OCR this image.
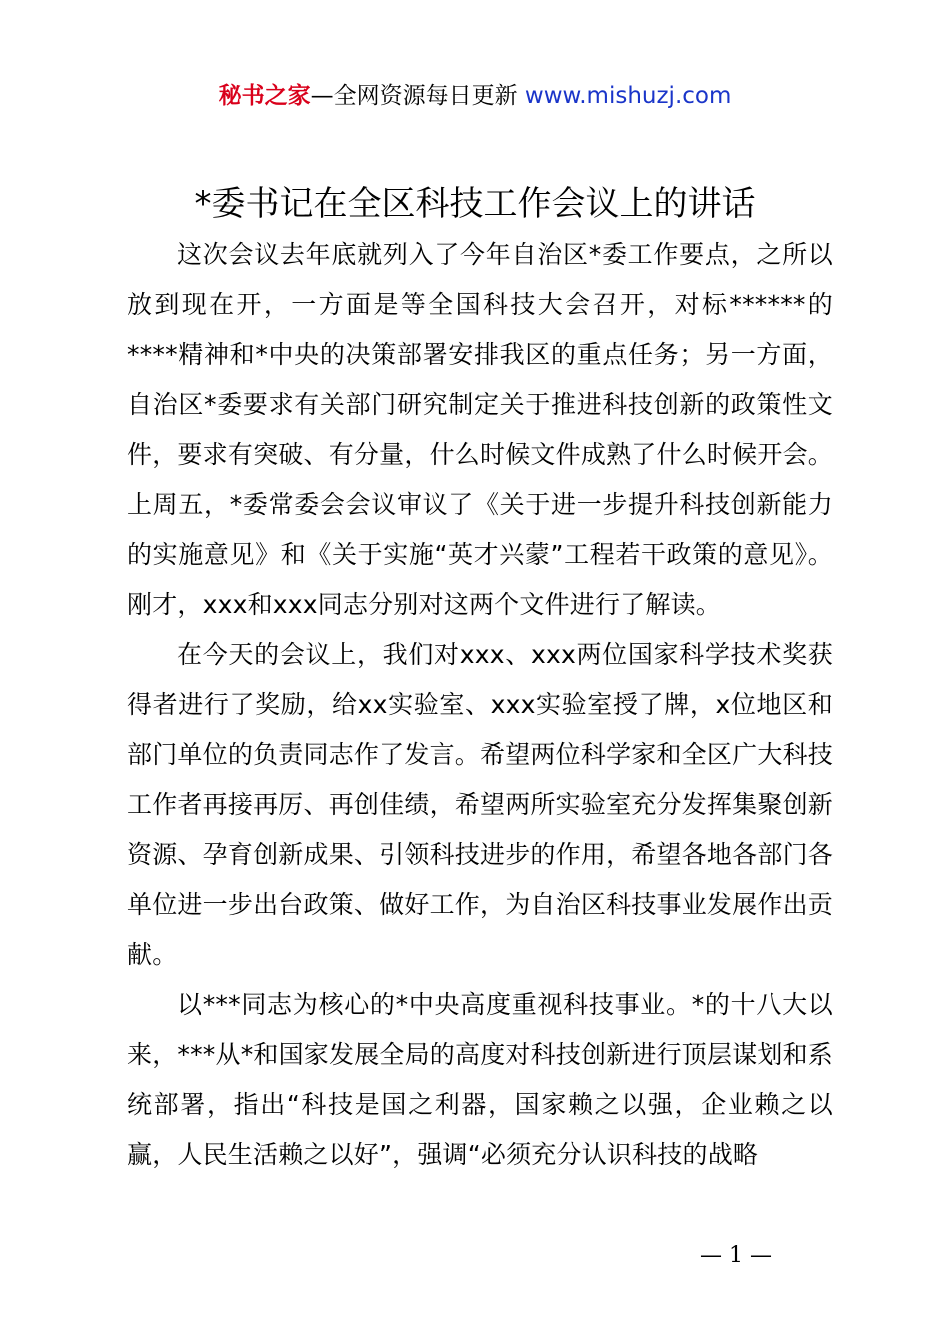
秘书之家—全网资源每日更新 www.mishuzj.com
*委书记在全区科技工作会议上的讲话

这次会议去年底就列入了今年自治区*委工作要点，之所以放到现在开，一方面是等全国科技大会召开，对标******的****精神和*中央的决策部署安排我区的重点任务；另一方面，自治区*委要求有关部门研究制定关于推进科技创新的政策性文件，要求有突破、有分量，什么时候文件成熟了什么时候开会。上周五，*委常委会会议审议了《关于进一步提升科技创新能力的实施意见》和《关于实施“英才兴蒙”工程若干政策的意见》。刚才，xxx和xxx同志分别对这两个文件进行了解读。

在今天的会议上，我们对xxx、xxx两位国家科学技术奖获得者进行了奖励，给xx实验室、xxx实验室授了牌，x位地区和部门单位的负责同志作了发言。希望两位科学家和全区广大科技工作者再接再厉、再创佳绩，希望两所实验室充分发挥集聚创新资源、孕育创新成果、引领科技进步的作用，希望各地各部门各单位进一步出台政策、做好工作，为自治区科技事业发展作出贡献。

以***同志为核心的*中央高度重视科技事业。*的十八大以来，***从*和国家发展全局的高度对科技创新进行顶层谋划和系统部署，指出“科技是国之利器，国家赖之以强，企业赖之以赢，人民生活赖之以好”，强调“必须充分认识科技的战略

— 1 —
